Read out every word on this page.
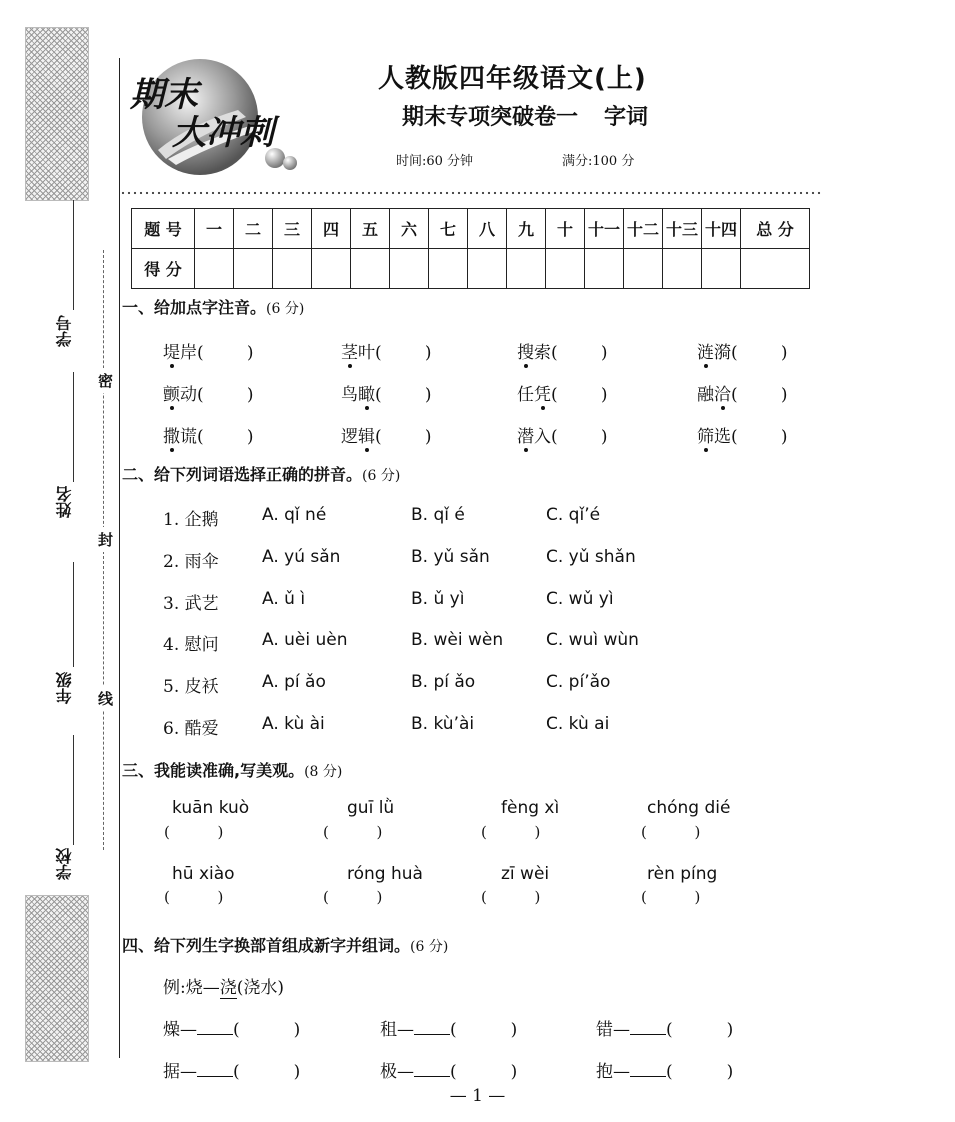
学号
姓名
年级
学校
密
封
线
期末
大冲刺
人教版四年级语文(上)
期末专项突破卷一 字词
时间:60 分钟	满分:100 分
题 号	一	二	三	四	五	六	七	八	九	十	十一	十二	十三	十四	总 分
得 分															
一、给加点字注音。(6 分)
堤岸(        )	茎叶(        )	搜索(        )	涟漪(        )
颤动(        )	鸟瞰(        )	任凭(        )	融洽(        )
撒谎(        )	逻辑(        )	潜入(        )	筛选(        )
二、给下列词语选择正确的拼音。(6 分)
1. 企鹅	A. qǐ né	B. qǐ é	C. qǐ’é
2. 雨伞	A. yú sǎn	B. yǔ sǎn	C. yǔ shǎn
3. 武艺	A. ǔ ì	B. ǔ yì	C. wǔ yì
4. 慰问	A. uèi uèn	B. wèi wèn	C. wuì wùn
5. 皮袄	A. pí ǎo	B. pí ǎo	C. pí’ǎo
6. 酷爱	A. kù ài	B. kù’ài	C. kù ai
三、我能读准确,写美观。(8 分)
kuān kuò
(          )
guī lǜ
(          )
fèng xì
(          )
chóng dié
(          )
hū xiào
(          )
róng huà
(          )
zī wèi
(          )
rèn píng
(          )
四、给下列生字换部首组成新字并组词。(6 分)
例:烧—浇(浇水)
燥— (          )	租— (          )	错— (          )
据— (          )	极— (          )	抱— (          )
— 1 —
